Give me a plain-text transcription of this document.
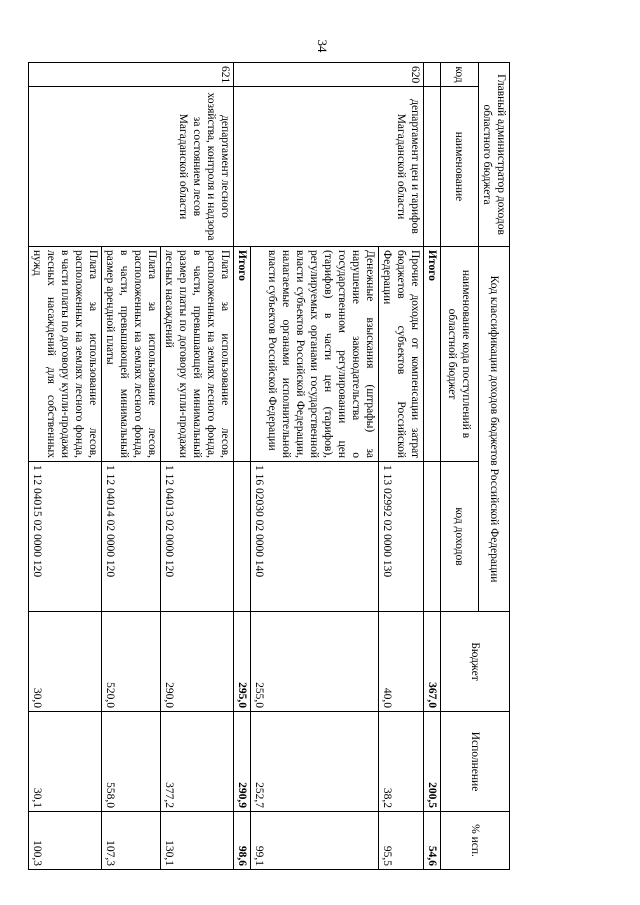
34
Главный администратор доходов областного бюджета		Код классификации доходов бюджетов Российской Федерации		Бюджет	Исполнение	% исп.
код	наименование	наименование кода поступлений в областной бюджет	код доходов			
		Итого		367,0	200,5	54,6
620	департамент цен и тарифов Магаданской области	Прочие доходы от компенсации затрат бюджетов субъектов Российской Федерации	1 13 02992 02 0000 130	40,0	38,2	95,5
		Денежные взыскания (штрафы) за нарушение законодательства о государственном регулировании цен (тарифов) в части цен (тарифов), регулируемых органами государственной власти субъектов Российской Федерации, налагаемые органами исполнительной власти субъектов Российской Федерации	1 16 02030 02 0000 140	255,0	252,7	99,1
		Итого		295,0	290,9	98,6
621	департамент лесного хозяйства, контроля и надзора за состоянием лесов Магаданской области	Плата за использование лесов, расположенных на землях лесного фонда, в части, превышающей минимальный размер платы по договору купли-продажи лесных насаждений	1 12 04013 02 0000 120	290,0	377,2	130,1
		Плата за использование лесов, расположенных на землях лесного фонда, в части, превышающей минимальный размер арендной платы	1 12 04014 02 0000 120	520,0	558,0	107,3
		Плата за использование лесов, расположенных на землях лесного фонда, в части платы по договору купли-продажи лесных насаждений для собственных нужд	1 12 04015 02 0000 120	30,0	30,1	100,3
